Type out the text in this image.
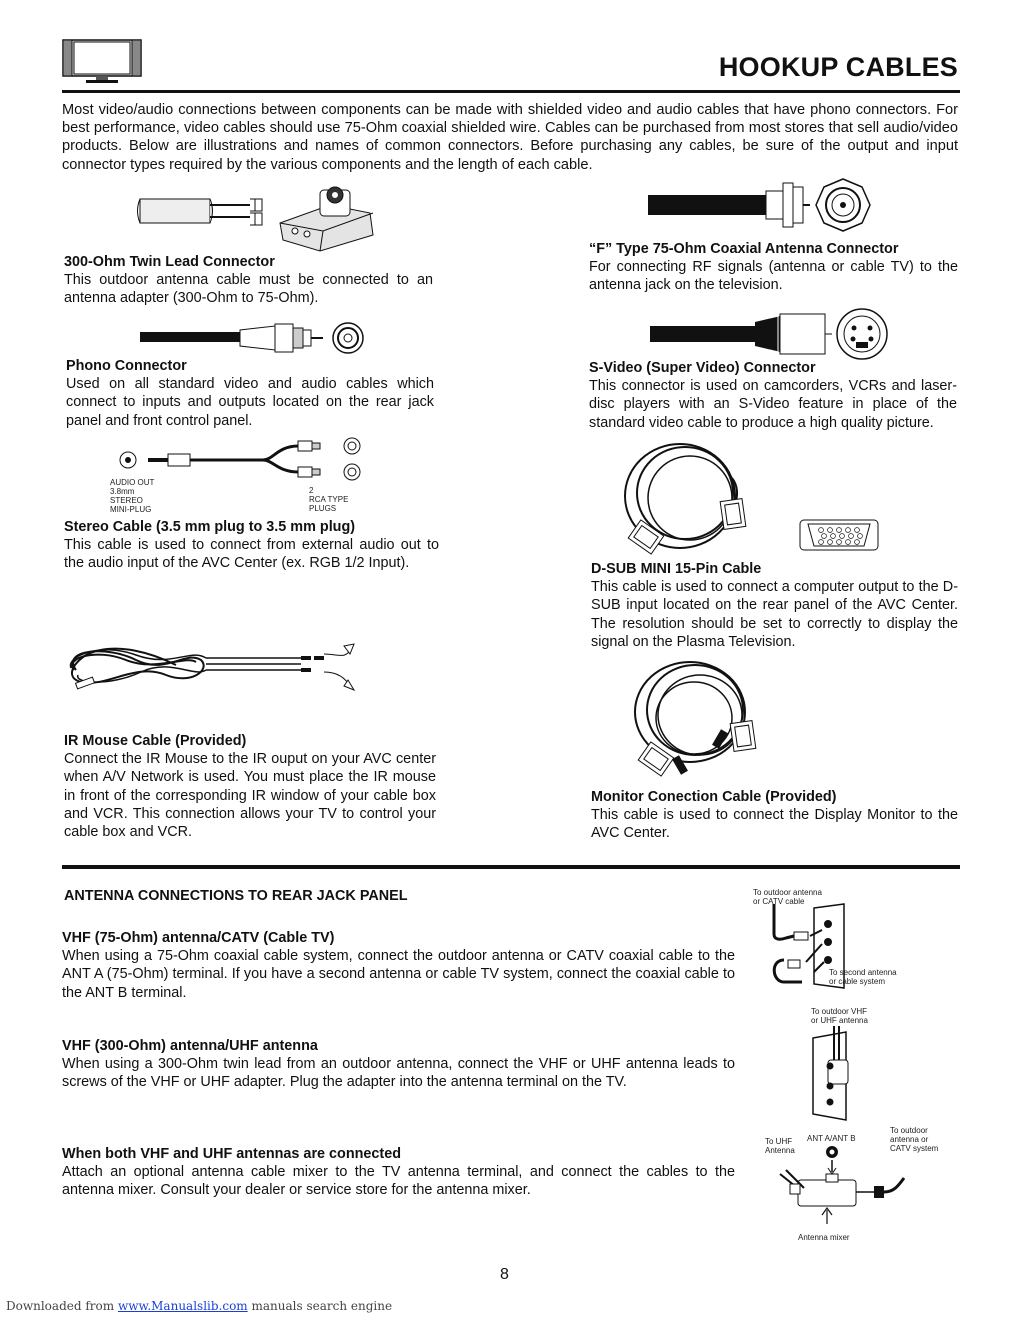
HOOKUP CABLES
Most video/audio connections between components can be made with shielded video and audio cables that have phono connectors. For best performance, video cables should use 75-Ohm coaxial shielded wire. Cables can be purchased from most stores that sell audio/video products. Below are illustrations and names of common connectors. Before purchasing any cables, be sure of the output and input connector types required by the various components and the length of each cable.
300-Ohm Twin Lead Connector

This outdoor antenna cable must be connected to an antenna adapter (300-Ohm to 75-Ohm).

Phono Connector

Used on all standard video and audio cables which connect to inputs and outputs located on the rear jack panel and front control panel.

AUDIO OUT
3.8mm
STEREO
MINI-PLUG
2
RCA TYPE
PLUGS
Stereo Cable (3.5 mm plug to 3.5 mm plug)

This cable is used to connect from external audio out to the audio input of the AVC Center (ex. RGB 1/2 Input).

IR Mouse Cable (Provided)

Connect the IR Mouse to the IR ouput on your AVC center when A/V Network is used. You must place the IR mouse in front of the corresponding IR window of your cable box and VCR. This connection allows your TV to control your cable box and VCR.

“F” Type 75-Ohm Coaxial Antenna Connector

For connecting RF signals (antenna or cable TV) to the antenna jack on the television.

S-Video (Super Video) Connector

This connector is used on camcorders, VCRs and laser-disc players with an S-Video feature in place of the standard video cable to produce a high quality picture.

D-SUB MINI 15-Pin Cable

This cable is used to connect a computer output to the D-SUB input located on the rear panel of the AVC Center. The resolution should be set to correctly to display the signal on the Plasma Television.

Monitor Conection Cable (Provided)

This cable is used to connect the Display Monitor to the AVC Center.

ANTENNA CONNECTIONS TO REAR JACK PANEL
VHF (75-Ohm) antenna/CATV (Cable TV)

When using a 75-Ohm coaxial cable system, connect the outdoor antenna or CATV coaxial cable to the ANT A (75-Ohm) terminal. If you have a second antenna or cable TV system, connect the coaxial cable to the ANT B terminal.

VHF (300-Ohm) antenna/UHF antenna

When using a 300-Ohm twin lead from an outdoor antenna, connect the VHF or UHF antenna leads to screws of the VHF or UHF adapter. Plug the adapter into the antenna terminal on the TV.

When both VHF and UHF antennas are connected

Attach an optional antenna cable mixer to the TV antenna terminal, and connect the cables to the antenna mixer. Consult your dealer or service store for the antenna mixer.

To outdoor antenna
or CATV cable
To second antenna
or cable system
To outdoor VHF
or UHF antenna
To UHF
Antenna
ANT A/ANT B
To outdoor
antenna or
CATV system
Antenna mixer
8
Downloaded from www.Manualslib.com manuals search engine
